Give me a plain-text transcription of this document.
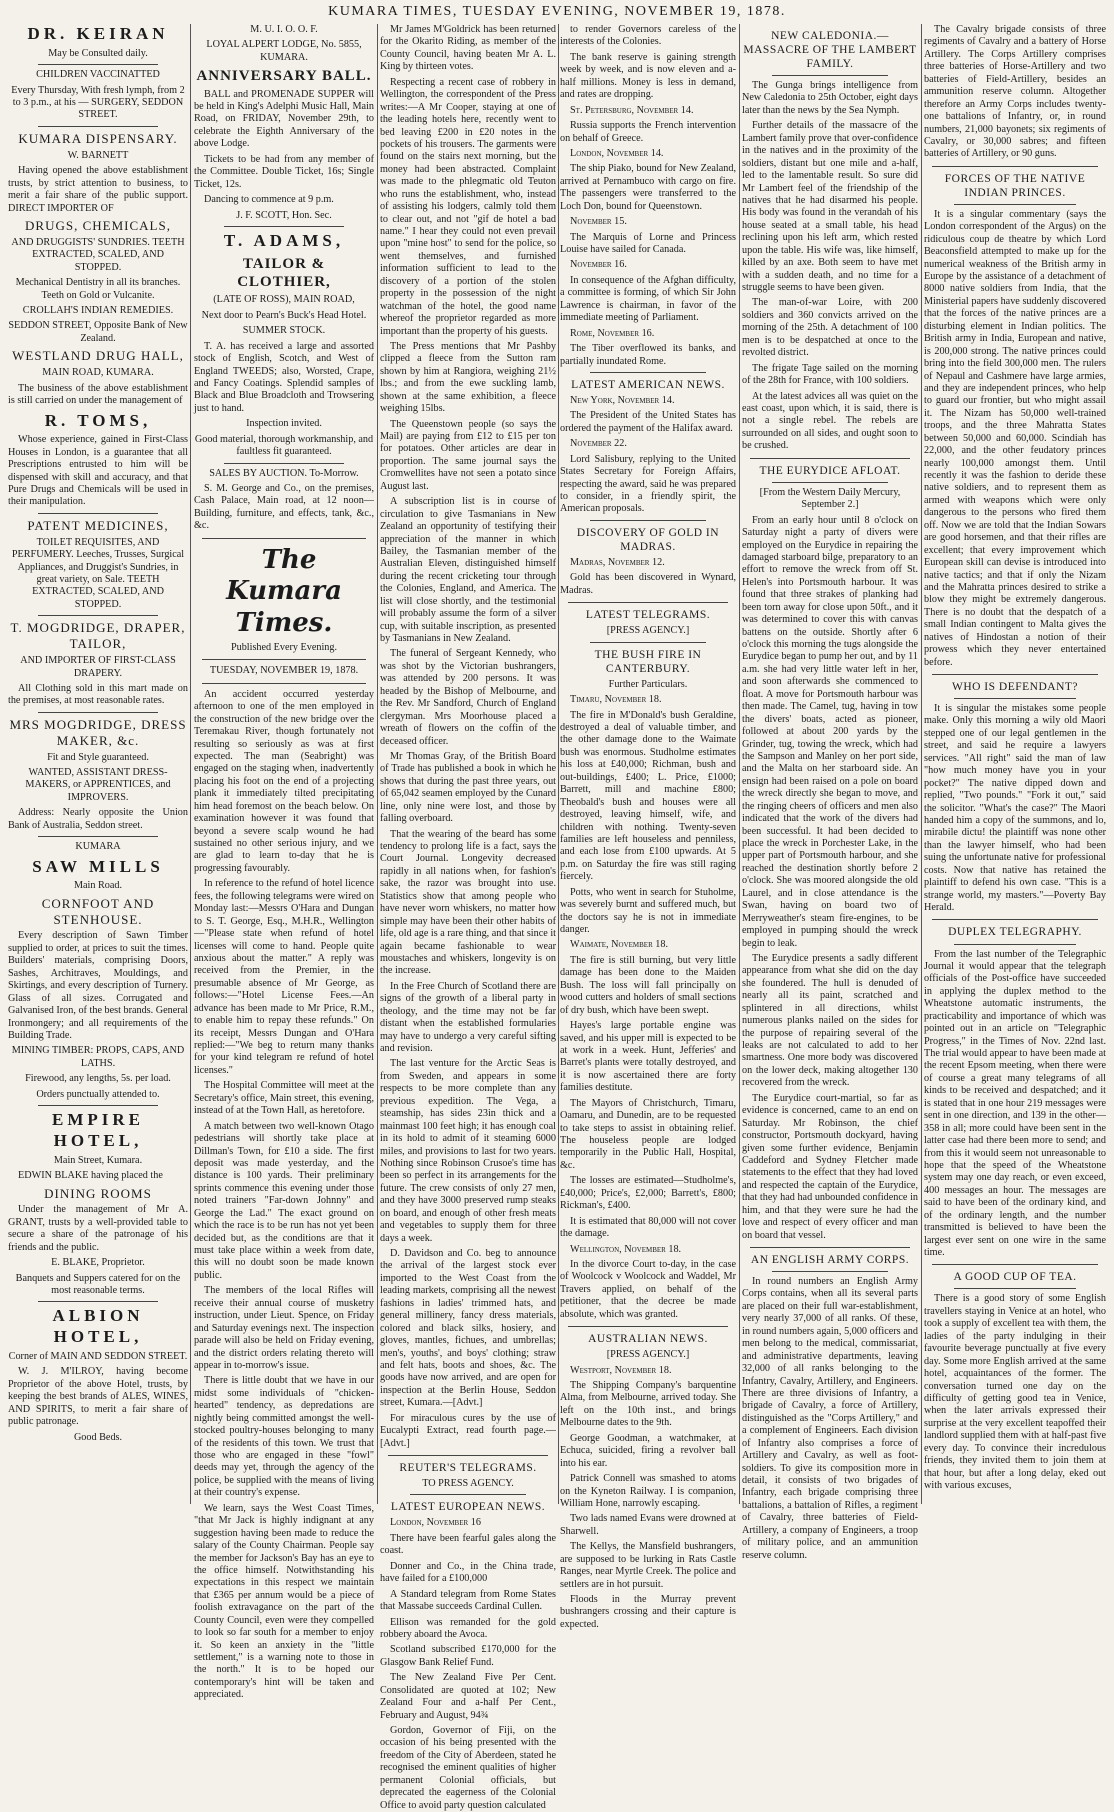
KUMARA TIMES, TUESDAY EVENING, NOVEMBER 19, 1878.

DR. KEIRAN

May be Consulted daily.

CHILDREN VACCINATTED

Every Thursday, With fresh lymph, from 2 to 3 p.m., at his — SURGERY, SEDDON STREET.

KUMARA DISPENSARY.

W. BARNETT

Having opened the above establishment trusts, by strict attention to business, to merit a fair share of the public support. DIRECT IMPORTER OF

DRUGS, CHEMICALS,

AND DRUGGISTS' SUNDRIES. TEETH EXTRACTED, SCALED, AND STOPPED.

Mechanical Dentistry in all its branches. Teeth on Gold or Vulcanite.

CROLLAH'S INDIAN REMEDIES.

SEDDON STREET, Opposite Bank of New Zealand.

WESTLAND DRUG HALL,

MAIN ROAD, KUMARA.

The business of the above establishment is still carried on under the management of

R. TOMS,

Whose experience, gained in First-Class Houses in London, is a guarantee that all Prescriptions entrusted to him will be dispensed with skill and accuracy, and that Pure Drugs and Chemicals will be used in their manipulation.

PATENT MEDICINES,

TOILET REQUISITES, AND PERFUMERY. Leeches, Trusses, Surgical Appliances, and Druggist's Sundries, in great variety, on Sale. TEETH EXTRACTED, SCALED, AND STOPPED.

T. MOGDRIDGE, DRAPER, TAILOR,

AND IMPORTER OF FIRST-CLASS DRAPERY.

All Clothing sold in this mart made on the premises, at most reasonable rates.

MRS MOGDRIDGE, DRESS MAKER, &c.

Fit and Style guaranteed.

WANTED, ASSISTANT DRESS-MAKERS, or APPRENTICES, and IMPROVERS.

Address: Nearly opposite the Union Bank of Australia, Seddon street.

KUMARA

SAW MILLS

Main Road.

CORNFOOT AND STENHOUSE.

Every description of Sawn Timber supplied to order, at prices to suit the times. Builders' materials, comprising Doors, Sashes, Architraves, Mouldings, and Skirtings, and every description of Turnery. Glass of all sizes. Corrugated and Galvanised Iron, of the best brands. General Ironmongery; and all requirements of the Building Trade.

MINING TIMBER: PROPS, CAPS, AND LATHS.

Firewood, any lengths, 5s. per load.

Orders punctually attended to.

EMPIRE HOTEL,

Main Street, Kumara.

EDWIN BLAKE having placed the

DINING ROOMS

Under the management of Mr A. GRANT, trusts by a well-provided table to secure a share of the patronage of his friends and the public.

E. BLAKE, Proprietor.

Banquets and Suppers catered for on the most reasonable terms.

ALBION HOTEL,

Corner of MAIN AND SEDDON STREET.

W. J. M'ILROY, having become Proprietor of the above Hotel, trusts, by keeping the best brands of ALES, WINES, AND SPIRITS, to merit a fair share of public patronage.

Good Beds.

M. U. I. O. O. F.

LOYAL ALPERT LODGE, No. 5855, KUMARA.

ANNIVERSARY BALL.

BALL and PROMENADE SUPPER will be held in King's Adelphi Music Hall, Main Road, on FRIDAY, November 29th, to celebrate the Eighth Anniversary of the above Lodge.

Tickets to be had from any member of the Committee. Double Ticket, 16s; Single Ticket, 12s.

Dancing to commence at 9 p.m.

J. F. SCOTT, Hon. Sec.

T. ADAMS,

TAILOR & CLOTHIER,

(LATE OF ROSS), MAIN ROAD,

Next door to Pearn's Buck's Head Hotel.

SUMMER STOCK.

T. A. has received a large and assorted stock of English, Scotch, and West of England TWEEDS; also, Worsted, Crape, and Fancy Coatings. Splendid samples of Black and Blue Broadcloth and Trowsering just to hand.

Inspection invited.

Good material, thorough workmanship, and faultless fit guaranteed.

SALES BY AUCTION. To-Morrow.

S. M. George and Co., on the premises, Cash Palace, Main road, at 12 noon—Building, furniture, and effects, tank, &c., &c.

The Kumara Times.

Published Every Evening.

TUESDAY, NOVEMBER 19, 1878.

An accident occurred yesterday afternoon to one of the men employed in the construction of the new bridge over the Teremakau River, though fortunately not resulting so seriously as was at first expected. The man (Seabright) was engaged on the staging when, inadvertently placing his foot on the end of a projecting plank it immediately tilted precipitating him head foremost on the beach below. On examination however it was found that beyond a severe scalp wound he had sustained no other serious injury, and we are glad to learn to-day that he is progressing favourably.

In reference to the refund of hotel licence fees, the following telegrams were wired on Monday last:—Messrs O'Hara and Dungan to S. T. George, Esq., M.H.R., Wellington—"Please state when refund of hotel licenses will come to hand. People quite anxious about the matter." A reply was received from the Premier, in the presumable absence of Mr George, as follows:—"Hotel License Fees.—An advance has been made to Mr Price, R.M., to enable him to repay these refunds." On its receipt, Messrs Dungan and O'Hara replied:—"We beg to return many thanks for your kind telegram re refund of hotel licenses."

The Hospital Committee will meet at the Secretary's office, Main street, this evening, instead of at the Town Hall, as heretofore.

A match between two well-known Otago pedestrians will shortly take place at Dillman's Town, for £10 a side. The first deposit was made yesterday, and the distance is 100 yards. Their preliminary sprints commence this evening under those noted trainers "Far-down Johnny" and George the Lad." The exact ground on which the race is to be run has not yet been decided but, as the conditions are that it must take place within a week from date, this will no doubt soon be made known public.

The members of the local Rifles will receive their annual course of musketry instruction, under Lieut. Spence, on Friday and Saturday evenings next. The inspection parade will also be held on Friday evening, and the district orders relating thereto will appear in to-morrow's issue.

There is little doubt that we have in our midst some individuals of "chicken-hearted" tendency, as depredations are nightly being committed amongst the well-stocked poultry-houses belonging to many of the residents of this town. We trust that those who are engaged in these "fowl" deeds may yet, through the agency of the police, be supplied with the means of living at their country's expense.

We learn, says the West Coast Times, "that Mr Jack is highly indignant at any suggestion having been made to reduce the salary of the County Chairman. People say the member for Jackson's Bay has an eye to the office himself. Notwithstanding his expectations in this respect we maintain that £365 per annum would be a piece of foolish extravagance on the part of the County Council, even were they compelled to look so far south for a member to enjoy it. So keen an anxiety in the "little settlement," is a warning note to those in the north." It is to be hoped our contemporary's hint will be taken and appreciated.

Mr James M'Goldrick has been returned for the Okarito Riding, as member of the County Council, having beaten Mr A. L. King by thirteen votes.

Respecting a recent case of robbery in Wellington, the correspondent of the Press writes:—A Mr Cooper, staying at one of the leading hotels here, recently went to bed leaving £200 in £20 notes in the pockets of his trousers. The garments were found on the stairs next morning, but the money had been abstracted. Complaint was made to the phlegmatic old Teuton who runs the establishment, who, instead of assisting his lodgers, calmly told them to clear out, and not "gif de hotel a bad name." I hear they could not even prevail upon "mine host" to send for the police, so went themselves, and furnished information sufficient to lead to the discovery of a portion of the stolen property in the possession of the night watchman of the hotel, the good name whereof the proprietor regarded as more important than the property of his guests.

The Press mentions that Mr Pashby clipped a fleece from the Sutton ram shown by him at Rangiora, weighing 21½ lbs.; and from the ewe suckling lamb, shown at the same exhibition, a fleece weighing 15lbs.

The Queenstown people (so says the Mail) are paying from £12 to £15 per ton for potatoes. Other articles are dear in proportion. The same journal says the Cromwellites have not seen a potato since August last.

A subscription list is in course of circulation to give Tasmanians in New Zealand an opportunity of testifying their appreciation of the manner in which Bailey, the Tasmanian member of the Australian Eleven, distinguished himself during the recent cricketing tour through the Colonies, England, and America. The list will close shortly, and the testimonial will probably assume the form of a silver cup, with suitable inscription, as presented by Tasmanians in New Zealand.

The funeral of Sergeant Kennedy, who was shot by the Victorian bushrangers, was attended by 200 persons. It was headed by the Bishop of Melbourne, and the Rev. Mr Sandford, Church of England clergyman. Mrs Moorhouse placed a wreath of flowers on the coffin of the deceased officer.

Mr Thomas Gray, of the British Board of Trade has published a book in which he shows that during the past three years, out of 65,042 seamen employed by the Cunard line, only nine were lost, and those by falling overboard.

That the wearing of the beard has some tendency to prolong life is a fact, says the Court Journal. Longevity decreased rapidly in all nations when, for fashion's sake, the razor was brought into use. Statistics show that among people who have never worn whiskers, no matter how simple may have been their other habits of life, old age is a rare thing, and that since it again became fashionable to wear moustaches and whiskers, longevity is on the increase.

In the Free Church of Scotland there are signs of the growth of a liberal party in theology, and the time may not be far distant when the established formularies may have to undergo a very careful sifting and revision.

The last venture for the Arctic Seas is from Sweden, and appears in some respects to be more complete than any previous expedition. The Vega, a steamship, has sides 23in thick and a mainmast 100 feet high; it has enough coal in its hold to admit of it steaming 6000 miles, and provisions to last for two years. Nothing since Robinson Crusoe's time has been so perfect in its arrangements for the future. The crew consists of only 27 men, and they have 3000 preserved rump steaks on board, and enough of other fresh meats and vegetables to supply them for three days a week.

D. Davidson and Co. beg to announce the arrival of the largest stock ever imported to the West Coast from the leading markets, comprising all the newest fashions in ladies' trimmed hats, and general millinery, fancy dress materials, colored and black silks, hosiery, and gloves, mantles, fichues, and umbrellas; men's, youths', and boys' clothing; straw and felt hats, boots and shoes, &c. The goods have now arrived, and are open for inspection at the Berlin House, Seddon street, Kumara.—[Advt.]

For miraculous cures by the use of Eucalypti Extract, read fourth page.—[Advt.]

REUTER'S TELEGRAMS.

TO PRESS AGENCY.

LATEST EUROPEAN NEWS.

London, November 16

There have been fearful gales along the coast.

Donner and Co., in the China trade, have failed for a £100,000

A Standard telegram from Rome States that Massabe succeeds Cardinal Cullen.

Ellison was remanded for the gold robbery aboard the Avoca.

Scotland subscribed £170,000 for the Glasgow Bank Relief Fund.

The New Zealand Five Per Cent. Consolidated are quoted at 102; New Zealand Four and a-half Per Cent., February and August, 94¾

Gordon, Governor of Fiji, on the occasion of his being presented with the freedom of the City of Aberdeen, stated he recognised the eminent qualities of higher permanent Colonial officials, but deprecated the eagerness of the Colonial Office to avoid party question calculated

to render Governors careless of the interests of the Colonies.

The bank reserve is gaining strength week by week, and is now eleven and a-half millions. Money is less in demand, and rates are dropping.

St. Petersburg, November 14.

Russia supports the French intervention on behalf of Greece.

London, November 14.

The ship Piako, bound for New Zealand, arrived at Pernambuco with cargo on fire. The passengers were transferred to the Loch Don, bound for Queenstown.

November 15.

The Marquis of Lorne and Princess Louise have sailed for Canada.

November 16.

In consequence of the Afghan difficulty, a committee is forming, of which Sir John Lawrence is chairman, in favor of the immediate meeting of Parliament.

Rome, November 16.

The Tiber overflowed its banks, and partially inundated Rome.

LATEST AMERICAN NEWS.

New York, November 14.

The President of the United States has ordered the payment of the Halifax award.

November 22.

Lord Salisbury, replying to the United States Secretary for Foreign Affairs, respecting the award, said he was prepared to consider, in a friendly spirit, the American proposals.

DISCOVERY OF GOLD IN MADRAS.

Madras, November 12.

Gold has been discovered in Wynard, Madras.

LATEST TELEGRAMS.

[PRESS AGENCY.]

THE BUSH FIRE IN CANTERBURY.

Further Particulars.

Timaru, November 18.

The fire in M'Donald's bush Geraldine, destroyed a deal of valuable timber, and the other damage done to the Waimate bush was enormous. Studholme estimates his loss at £40,000; Richman, bush and out-buildings, £400; L. Price, £1000; Barrett, mill and machine £800; Theobald's bush and houses were all destroyed, leaving himself, wife, and children with nothing. Twenty-seven families are left houseless and penniless, and each lose from £100 upwards. At 5 p.m. on Saturday the fire was still raging fiercely.

Potts, who went in search for Stuholme, was severely burnt and suffered much, but the doctors say he is not in immediate danger.

Waimate, November 18.

The fire is still burning, but very little damage has been done to the Maiden Bush. The loss will fall principally on wood cutters and holders of small sections of dry bush, which have been swept.

Hayes's large portable engine was saved, and his upper mill is expected to be at work in a week. Hunt, Jefferies' and Barret's plants were totally destroyed, and it is now ascertained there are forty families destitute.

The Mayors of Christchurch, Timaru, Oamaru, and Dunedin, are to be requested to take steps to assist in obtaining relief. The houseless people are lodged temporarily in the Public Hall, Hospital, &c.

The losses are estimated—Studholme's, £40,000; Price's, £2,000; Barrett's, £800; Rickman's, £400.

It is estimated that 80,000 will not cover the damage.

Wellington, November 18.

In the divorce Court to-day, in the case of Woolcock v Woolcock and Waddel, Mr Travers applied, on behalf of the petitioner, that the decree be made absolute, which was granted.

AUSTRALIAN NEWS.

[PRESS AGENCY.]

Westport, November 18.

The Shipping Company's barquentine Alma, from Melbourne, arrived today. She left on the 10th inst., and brings Melbourne dates to the 9th.

George Goodman, a watchmaker, at Echuca, suicided, firing a revolver ball into his ear.

Patrick Connell was smashed to atoms on the Kyneton Railway. I is companion, William Hone, narrowly escaping.

Two lads named Evans were drowned at Sharwell.

The Kellys, the Mansfield bushrangers, are supposed to be lurking in Rats Castle Ranges, near Myrtle Creek. The police and settlers are in hot pursuit.

Floods in the Murray prevent bushrangers crossing and their capture is expected.

NEW CALEDONIA.—MASSACRE OF THE LAMBERT FAMILY.

The Gunga brings intelligence from New Caledonia to 25th October, eight days later than the news by the Sea Nymph.

Further details of the massacre of the Lambert family prove that over-confidence in the natives and in the proximity of the soldiers, distant but one mile and a-half, led to the lamentable result. So sure did Mr Lambert feel of the friendship of the natives that he had disarmed his people. His body was found in the verandah of his house seated at a small table, his head reclining upon his left arm, which rested upon the table. His wife was, like himself, killed by an axe. Both seem to have met with a sudden death, and no time for a struggle seems to have been given.

The man-of-war Loire, with 200 soldiers and 360 convicts arrived on the morning of the 25th. A detachment of 100 men is to be despatched at once to the revolted district.

The frigate Tage sailed on the morning of the 28th for France, with 100 soldiers.

At the latest advices all was quiet on the east coast, upon which, it is said, there is not a single rebel. The rebels are surrounded on all sides, and ought soon to be crushed.

THE EURYDICE AFLOAT.

[From the Western Daily Mercury, September 2.]

From an early hour until 8 o'clock on Saturday night a party of divers were employed on the Eurydice in repairing the damaged starboard bilge, preparatory to an effort to remove the wreck from off St. Helen's into Portsmouth harbour. It was found that three strakes of planking had been torn away for close upon 50ft., and it was determined to cover this with canvas battens on the outside. Shortly after 6 o'clock this morning the tugs alongside the Eurydice began to pump her out, and by 11 a.m. she had very little water left in her, and soon afterwards she commenced to float. A move for Portsmouth harbour was then made. The Camel, tug, having in tow the divers' boats, acted as pioneer, followed at about 200 yards by the Grinder, tug, towing the wreck, which had the Sampson and Manley on her port side, and the Malta on her starboard side. An ensign had been raised on a pole on board the wreck directly she began to move, and the ringing cheers of officers and men also indicated that the work of the divers had been successful. It had been decided to place the wreck in Porchester Lake, in the upper part of Portsmouth harbour, and she reached the destination shortly before 2 o'clock. She was moored alongside the old Laurel, and in close attendance is the Swan, having on board two of Merryweather's steam fire-engines, to be employed in pumping should the wreck begin to leak.

The Eurydice presents a sadly different appearance from what she did on the day she foundered. The hull is denuded of nearly all its paint, scratched and splintered in all directions, whilst numerous planks nailed on the sides for the purpose of repairing several of the leaks are not calculated to add to her smartness. One more body was discovered on the lower deck, making altogether 130 recovered from the wreck.

The Eurydice court-martial, so far as evidence is concerned, came to an end on Saturday. Mr Robinson, the chief constructor, Portsmouth dockyard, having given some further evidence, Benjamin Caddeford and Sydney Fletcher made statements to the effect that they had loved and respected the captain of the Eurydice, that they had had unbounded confidence in him, and that they were sure he had the love and respect of every officer and man on board that vessel.

AN ENGLISH ARMY CORPS.

In round numbers an English Army Corps contains, when all its several parts are placed on their full war-establishment, very nearly 37,000 of all ranks. Of these, in round numbers again, 5,000 officers and men belong to the medical, commissariat, and administrative departments, leaving 32,000 of all ranks belonging to the Infantry, Cavalry, Artillery, and Engineers. There are three divisions of Infantry, a brigade of Cavalry, a force of Artillery, distinguished as the "Corps Artillery," and a complement of Engineers. Each division of Infantry also comprises a force of Artillery and Cavalry, as well as foot-soldiers. To give its composition more in detail, it consists of two brigades of Infantry, each brigade comprising three battalions, a battalion of Rifles, a regiment of Cavalry, three batteries of Field-Artillery, a company of Engineers, a troop of military police, and an ammunition reserve column.

The Cavalry brigade consists of three regiments of Cavalry and a battery of Horse Artillery. The Corps Artillery comprises three batteries of Horse-Artillery and two batteries of Field-Artillery, besides an ammunition reserve column. Altogether therefore an Army Corps includes twenty-one battalions of Infantry, or, in round numbers, 21,000 bayonets; six regiments of Cavalry, or 30,000 sabres; and fifteen batteries of Artillery, or 90 guns.

FORCES OF THE NATIVE INDIAN PRINCES.

It is a singular commentary (says the London correspondent of the Argus) on the ridiculous coup de theatre by which Lord Beaconsfield attempted to make up for the numerical weakness of the British army in Europe by the assistance of a detachment of 8000 native soldiers from India, that the Ministerial papers have suddenly discovered that the forces of the native princes are a disturbing element in Indian politics. The British army in India, European and native, is 200,000 strong. The native princes could bring into the field 300,000 men. The rulers of Nepaul and Cashmere have large armies, and they are independent princes, who help to guard our frontier, but who might assail it. The Nizam has 50,000 well-trained troops, and the three Mahratta States between 50,000 and 60,000. Scindiah has 22,000, and the other feudatory princes nearly 100,000 amongst them. Until recently it was the fashion to deride these native soldiers, and to represent them as armed with weapons which were only dangerous to the persons who fired them off. Now we are told that the Indian Sowars are good horsemen, and that their rifles are excellent; that every improvement which European skill can devise is introduced into native tactics; and that if only the Nizam and the Mahratta princes desired to strike a blow they might be extremely dangerous. There is no doubt that the despatch of a small Indian contingent to Malta gives the natives of Hindostan a notion of their prowess which they never entertained before.

WHO IS DEFENDANT?

It is singular the mistakes some people make. Only this morning a wily old Maori stepped one of our legal gentlemen in the street, and said he require a lawyers services. "All right" said the man of law "how much money have you in your pocket?" The native dipped down and replied, "Two pounds." "Fork it out," said the solicitor. "What's the case?" The Maori handed him a copy of the summons, and lo, mirabile dictu! the plaintiff was none other than the lawyer himself, who had been suing the unfortunate native for professional costs. Now that native has retained the plaintiff to defend his own case. "This is a strange world, my masters."—Poverty Bay Herald.

DUPLEX TELEGRAPHY.

From the last number of the Telegraphic Journal it would appear that the telegraph officials of the Post-office have succeeded in applying the duplex method to the Wheatstone automatic instruments, the practicability and importance of which was pointed out in an article on "Telegraphic Progress," in the Times of Nov. 22nd last. The trial would appear to have been made at the recent Epsom meeting, when there were of course a great many telegrams of all kinds to be received and despatched; and it is stated that in one hour 219 messages were sent in one direction, and 139 in the other—358 in all; more could have been sent in the latter case had there been more to send; and from this it would seem not unreasonable to hope that the speed of the Wheatstone system may one day reach, or even exceed, 400 messages an hour. The messages are said to have been of the ordinary kind, and of the ordinary length, and the number transmitted is believed to have been the largest ever sent on one wire in the same time.

A GOOD CUP OF TEA.

There is a good story of some English travellers staying in Venice at an hotel, who took a supply of excellent tea with them, the ladies of the party indulging in their favourite beverage punctually at five every day. Some more English arrived at the same hotel, acquaintances of the former. The conversation turned one day on the difficulty of getting good tea in Venice, when the later arrivals expressed their surprise at the very excellent teapoffed their landlord supplied them with at half-past five every day. To convince their incredulous friends, they invited them to join them at that hour, but after a long delay, eked out with various excuses,
